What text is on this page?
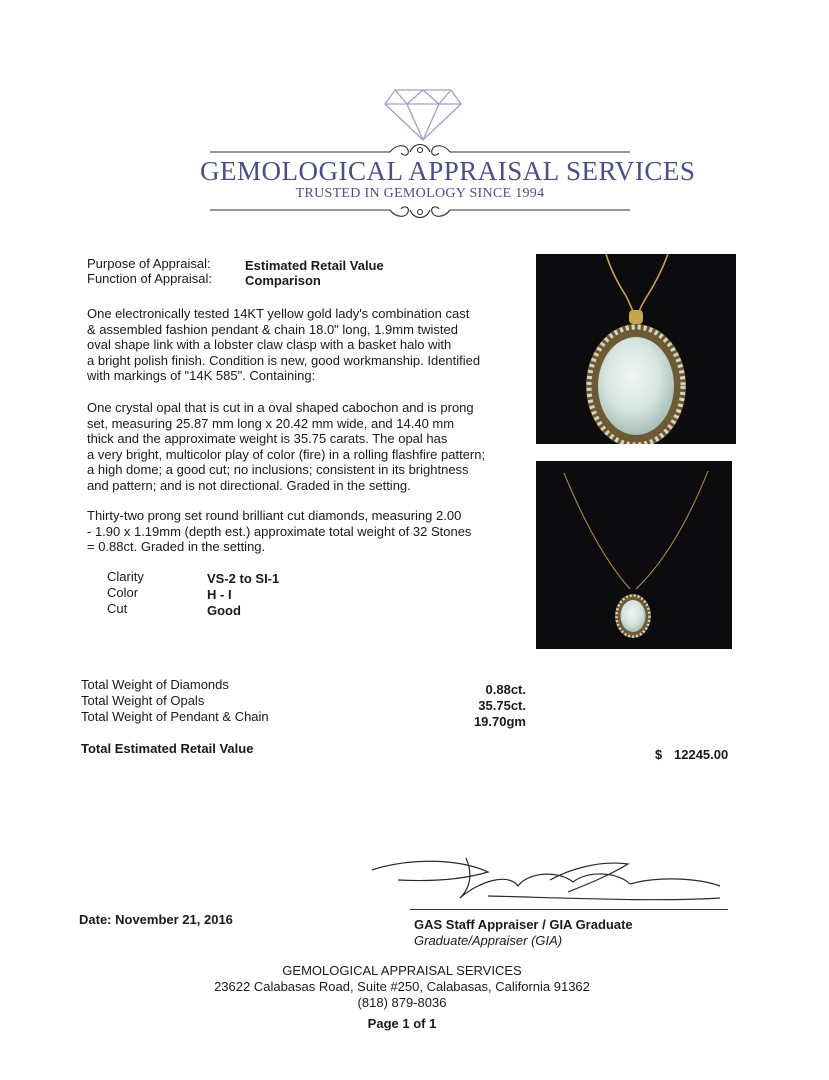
GEMOLOGICAL APPRAISAL SERVICES
TRUSTED IN GEMOLOGY SINCE 1994
Purpose of Appraisal:	Estimated Retail Value
Function of Appraisal:	Comparison
One electronically tested 14KT yellow gold lady's combination cast
& assembled fashion pendant & chain 18.0" long, 1.9mm twisted
oval shape link with a lobster claw clasp with a basket halo with
a bright polish finish. Condition is new, good workmanship. Identified
with markings of "14K 585". Containing:
One crystal opal that is cut in a oval shaped cabochon and is prong
set, measuring 25.87 mm long x 20.42 mm wide, and 14.40 mm
thick and the approximate weight is 35.75 carats. The opal has
a very bright, multicolor play of color (fire) in a rolling flashfire pattern;
a high dome; a good cut; no inclusions; consistent in its brightness
and pattern; and is not directional. Graded in the setting.
Thirty-two prong set round brilliant cut diamonds, measuring 2.00
- 1.90 x 1.19mm (depth est.) approximate total weight of 32 Stones
= 0.88ct. Graded in the setting.
Clarity	VS-2 to SI-1
Color	H - I
Cut	Good
Total Weight of Diamonds	0.88ct.
Total Weight of Opals	35.75ct.
Total Weight of Pendant & Chain	19.70gm
Total Estimated Retail Value	$ 12245.00
Date: November 21, 2016	GAS Staff Appraiser / GIA Graduate
Graduate/Appraiser (GIA)
GEMOLOGICAL APPRAISAL SERVICES
23622 Calabasas Road, Suite #250, Calabasas, California 91362
(818) 879-8036
Page 1 of 1
